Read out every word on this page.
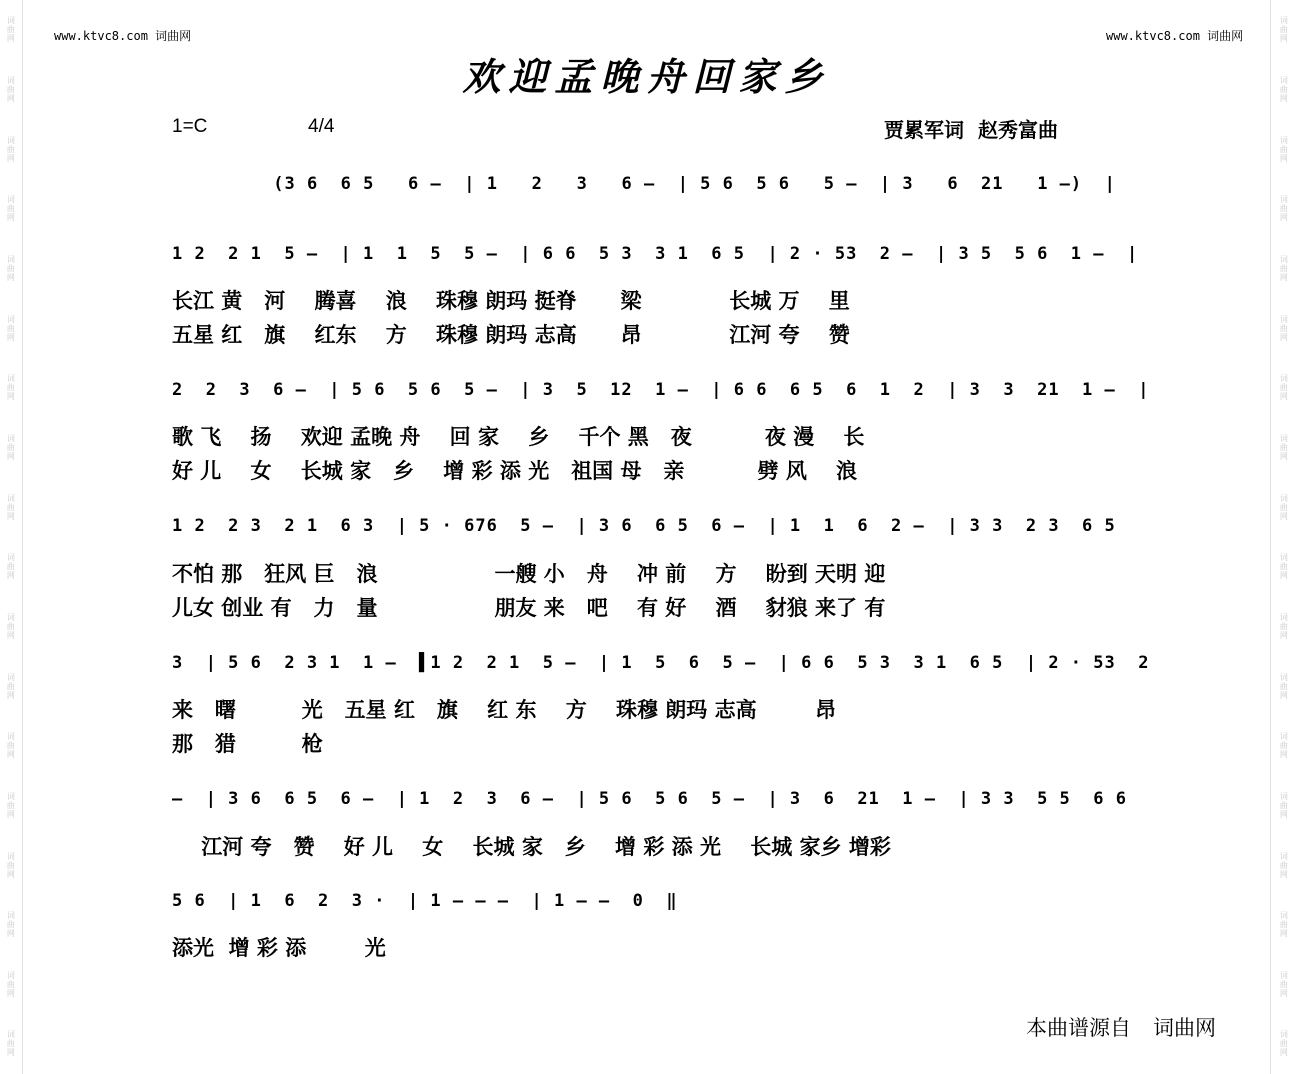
词曲网
词曲网
词曲网
词曲网
词曲网
词曲网
词曲网
词曲网
词曲网
词曲网
词曲网
词曲网
词曲网
词曲网
词曲网
词曲网
词曲网
词曲网
词曲网
词曲网
词曲网
词曲网
词曲网
词曲网
词曲网
词曲网
词曲网
词曲网
词曲网
词曲网
词曲网
词曲网
词曲网
词曲网
词曲网
词曲网
www.ktvc8.com 词曲网	www.ktvc8.com 词曲网
欢迎孟晚舟回家乡
1=C	4/4	贾累军词 赵秀富曲
(3 6  6 5   6 –  | 1   2   3   6 –  | 5 6  5 6   5 –  | 3   6  21   1 –)  |
1 2  2 1  5 –  | 1  1  5  5 –  | 6 6  5 3  3 1  6 5  | 2 · 53  2 –  | 3 5  5 6  1 –  |
长江 黄   河    腾喜    浪    珠穆 朗玛 挺脊      梁            长城 万    里
五星 红   旗    红东    方    珠穆 朗玛 志高      昂            江河 夸    赞
2  2  3  6 –  | 5 6  5 6  5 –  | 3  5  12  1 –  | 6 6  6 5  6  1  2  | 3  3  21  1 –  |
歌 飞    扬    欢迎 孟晚 舟    回 家    乡    千个 黑   夜          夜 漫    长
好 儿    女    长城 家   乡    增 彩 添 光   祖国 母   亲          劈 风    浪
1 2  2 3  2 1  6 3  | 5 · 676  5 –  | 3 6  6 5  6 –  | 1  1  6  2 –  | 3 3  2 3  6 5
不怕 那   狂风 巨   浪                一艘 小   舟    冲 前    方    盼到 天明 迎
儿女 创业 有   力   量                朋友 来   吧    有 好    酒    豺狼 来了 有
3  | 5 6  2 3 1  1 –  ▌1 2  2 1  5 –  | 1  5  6  5 –  | 6 6  5 3  3 1  6 5  | 2 · 53  2
来   曙         光   五星 红   旗    红 东    方    珠穆 朗玛 志高        昂
那   猎         枪
–  | 3 6  6 5  6 –  | 1  2  3  6 –  | 5 6  5 6  5 –  | 3  6  21  1 –  | 3 3  5 5  6 6
江河 夸   赞    好 儿    女    长城 家   乡    增 彩 添 光    长城 家乡 增彩
5 6  | 1  6  2  3 ·  | 1 – – –  | 1 – –  0  ‖
添光  增 彩 添        光
本曲谱源自 词曲网
